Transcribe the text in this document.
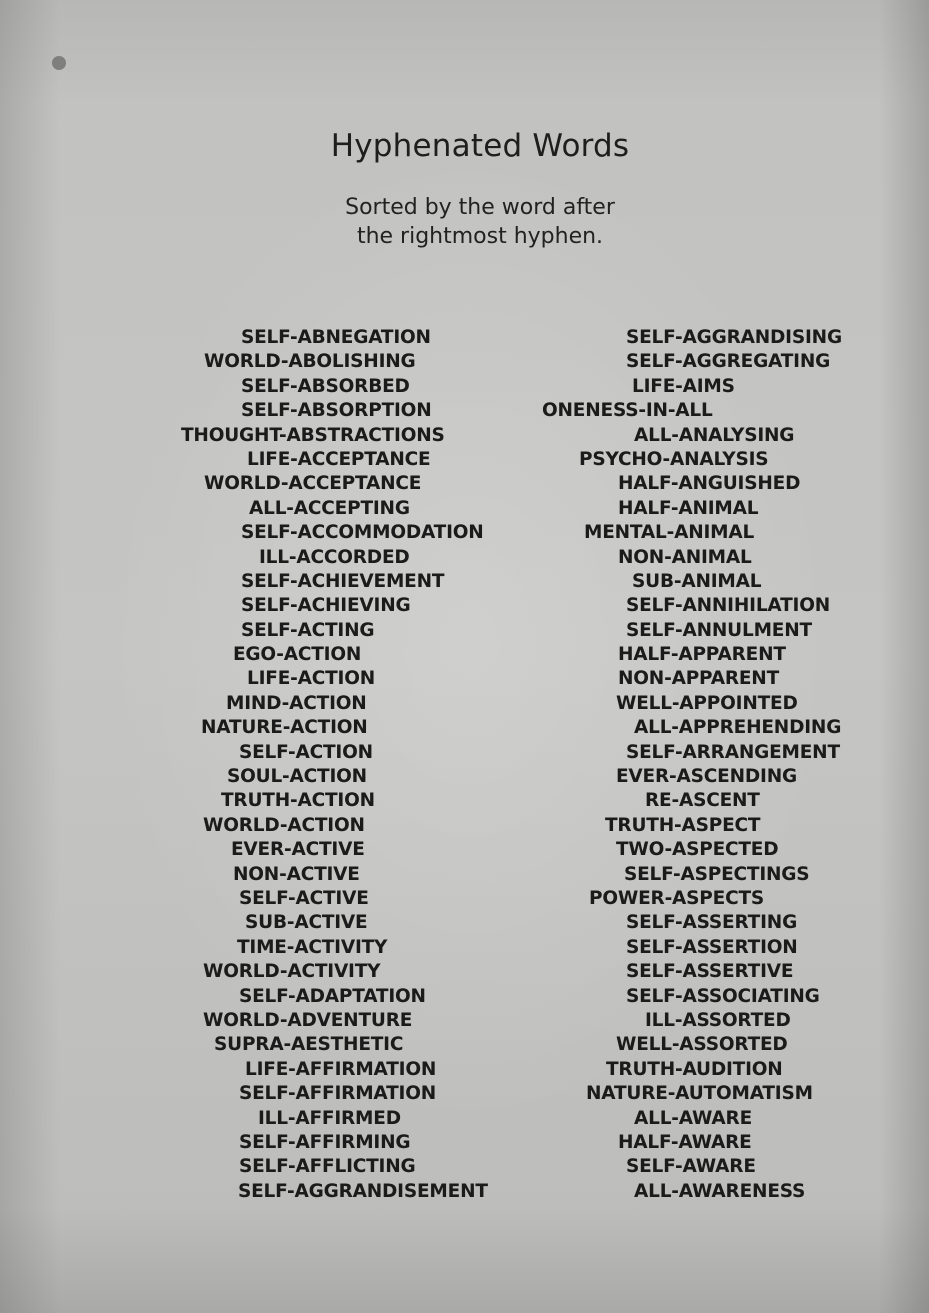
Hyphenated Words
Sorted by the word after
the rightmost hyphen.
SELF-ABNEGATION
WORLD-ABOLISHING
SELF-ABSORBED
SELF-ABSORPTION
THOUGHT-ABSTRACTIONS
LIFE-ACCEPTANCE
WORLD-ACCEPTANCE
ALL-ACCEPTING
SELF-ACCOMMODATION
ILL-ACCORDED
SELF-ACHIEVEMENT
SELF-ACHIEVING
SELF-ACTING
EGO-ACTION
LIFE-ACTION
MIND-ACTION
NATURE-ACTION
SELF-ACTION
SOUL-ACTION
TRUTH-ACTION
WORLD-ACTION
EVER-ACTIVE
NON-ACTIVE
SELF-ACTIVE
SUB-ACTIVE
TIME-ACTIVITY
WORLD-ACTIVITY
SELF-ADAPTATION
WORLD-ADVENTURE
SUPRA-AESTHETIC
LIFE-AFFIRMATION
SELF-AFFIRMATION
ILL-AFFIRMED
SELF-AFFIRMING
SELF-AFFLICTING
SELF-AGGRANDISEMENT
SELF-AGGRANDISING
SELF-AGGREGATING
LIFE-AIMS
ONENESS-IN-ALL
ALL-ANALYSING
PSYCHO-ANALYSIS
HALF-ANGUISHED
HALF-ANIMAL
MENTAL-ANIMAL
NON-ANIMAL
SUB-ANIMAL
SELF-ANNIHILATION
SELF-ANNULMENT
HALF-APPARENT
NON-APPARENT
WELL-APPOINTED
ALL-APPREHENDING
SELF-ARRANGEMENT
EVER-ASCENDING
RE-ASCENT
TRUTH-ASPECT
TWO-ASPECTED
SELF-ASPECTINGS
POWER-ASPECTS
SELF-ASSERTING
SELF-ASSERTION
SELF-ASSERTIVE
SELF-ASSOCIATING
ILL-ASSORTED
WELL-ASSORTED
TRUTH-AUDITION
NATURE-AUTOMATISM
ALL-AWARE
HALF-AWARE
SELF-AWARE
ALL-AWARENESS
